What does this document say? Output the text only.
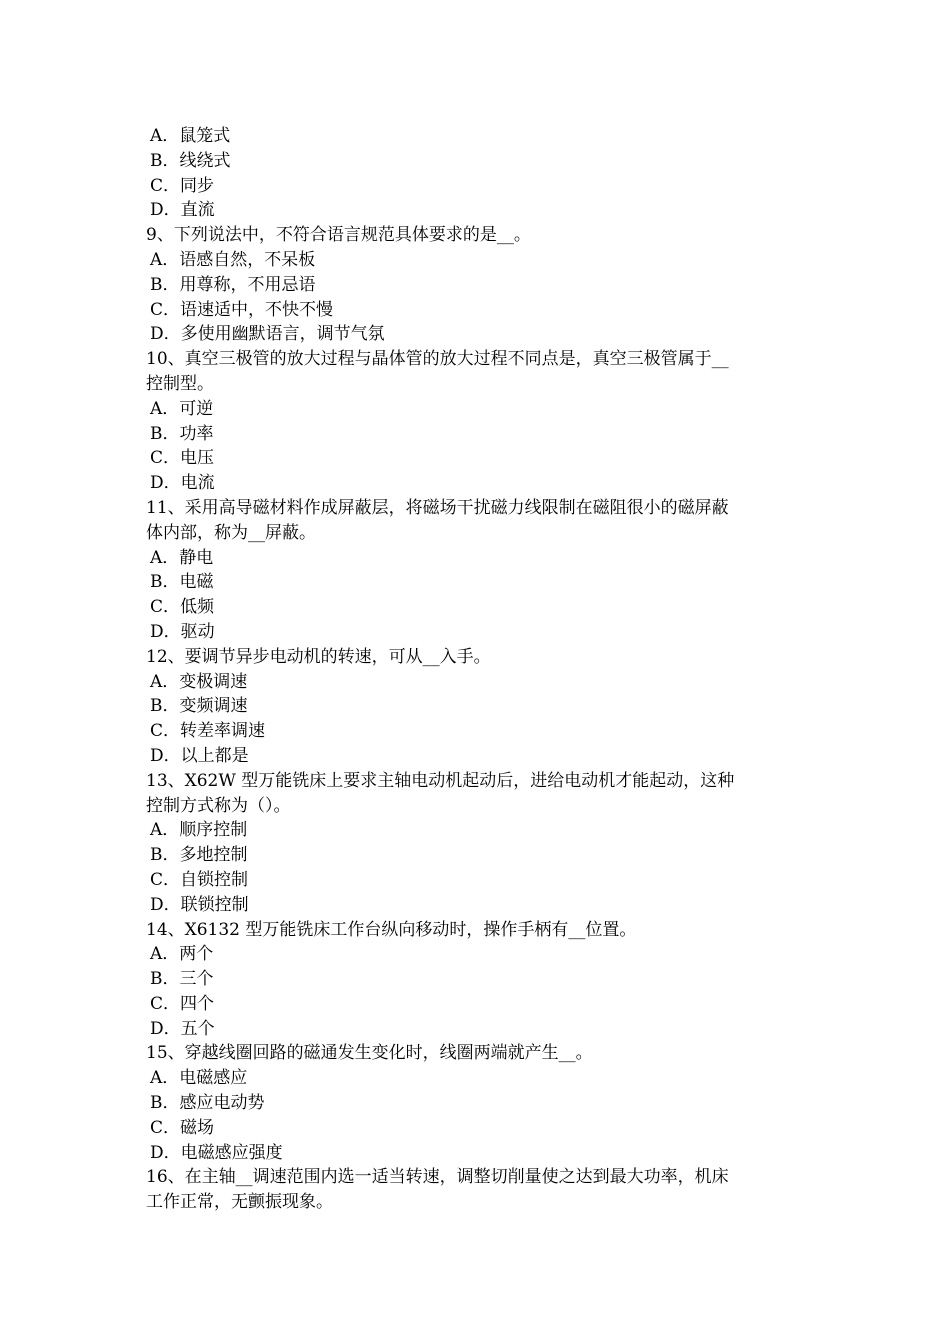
A．鼠笼式
B．线绕式
C．同步
D．直流
9、下列说法中，不符合语言规范具体要求的是__。
A．语感自然，不呆板
B．用尊称，不用忌语
C．语速适中，不快不慢
D．多使用幽默语言，调节气氛
10、真空三极管的放大过程与晶体管的放大过程不同点是，真空三极管属于__
控制型。
A．可逆
B．功率
C．电压
D．电流
11、采用高导磁材料作成屏蔽层，将磁场干扰磁力线限制在磁阻很小的磁屏蔽
体内部，称为__屏蔽。
A．静电
B．电磁
C．低频
D．驱动
12、要调节异步电动机的转速，可从__入手。
A．变极调速
B．变频调速
C．转差率调速
D．以上都是
13、X62W 型万能铣床上要求主轴电动机起动后，进给电动机才能起动，这种
控制方式称为（）。
A．顺序控制
B．多地控制
C．自锁控制
D．联锁控制
14、X6132 型万能铣床工作台纵向移动时，操作手柄有__位置。
A．两个
B．三个
C．四个
D．五个
15、穿越线圈回路的磁通发生变化时，线圈两端就产生__。
A．电磁感应
B．感应电动势
C．磁场
D．电磁感应强度
16、在主轴__调速范围内选一适当转速，调整切削量使之达到最大功率，机床
工作正常，无颤振现象。
